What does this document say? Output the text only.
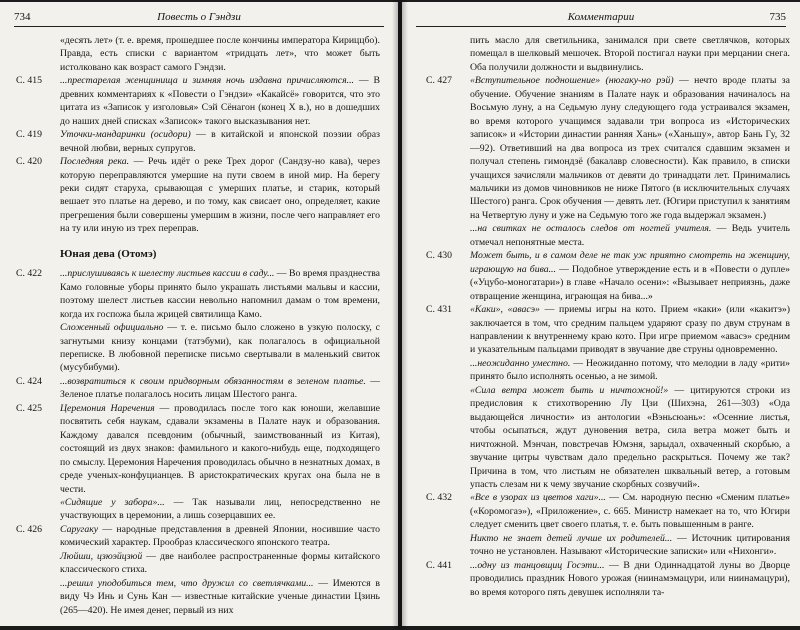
734	Повесть о Гэндзи
«десять лет» (т. е. время, прошедшее после кончины императора Кириццбо). Правда, есть списки с вариантом «тридцать лет», что может быть истолковано как возраст самого Гэндзи.
С. 415 ...престарелая женщинища и зимняя ночь издавна причисляются... — В древних комментариях к «Повести о Гэндзи» «Какайсё» говорится, что это цитата из «Записок у изголовья» Сэй Сёнагон (конец X в.), но в дошедших до наших дней списках «Записок» такого высказывания нет.
С. 419 Уточки-мандаринки (осидори) — в китайской и японской поэзии образ вечной любви, верных супругов.
С. 420 Последняя река. — Речь идёт о реке Трех дорог (Сандзу-но кава), через которую переправляются умершие на пути своем в иной мир. На берегу реки сидят старуха, срывающая с умерших платье, и старик, который вешает это платье на дерево, и по тому, как свисает оно, определяет, какие прегрешения были совершены умершим в жизни, после чего направляет его на ту или иную из трех переправ.
Юная дева (Отомэ)
С. 422 ...прислушиваясь к шелесту листьев кассии в саду... — Во время празднества Камо головные уборы принято было украшать листьями мальвы и кассии, поэтому шелест листьев кассии невольно напомнил дамам о том времени, когда их госпожа была жрицей святилища Камо.
Сложенный официально — т. е. письмо было сложено в узкую полоску, с загнутыми книзу концами (татэбуми), как полагалось в официальной переписке. В любовной переписке письмо свертывали в маленький свиток (мусубибуми).
С. 424 ...возвратиться к своим придворным обязанностям в зеленом платье. — Зеленое платье полагалось носить лицам Шестого ранга.
С. 425 Церемония Наречения — проводилась после того как юноши, желавшие посвятить себя наукам, сдавали экзамены в Палате наук и образования. Каждому давался псевдоним (обычный, заимствованный из Китая), состоящий из двух знаков: фамильного и какого-нибудь еще, подходящего по смыслу. Церемония Наречения проводилась обычно в незнатных домах, в среде ученых-конфуцианцев. В аристократических кругах она была не в чести.
«Сидящие у забора»... — Так называли лиц, непосредственно не участвующих в церемонии, а лишь созерцавших ее.
С. 426 Саругаку — народные представления в древней Японии, носившие часто комический характер. Прообраз классического японского театра.
Люйши, цзюэйцзюй — две наиболее распространенные формы китайского классического стиха.
...решил уподобиться тем, что дружил со светлячками... — Имеются в виду Чэ Инь и Сунь Кан — известные китайские ученые династии Цзинь (265—420). Не имея денег, первый из них
735
Комментарии
пить масло для светильника, занимался при свете светлячков, которых помещал в шелковый мешочек. Второй постигал науки при мерцании снега. Оба получили должности и выдвинулись.
С. 427 «Вступительное подношение» (нюгаку-но рэй) — нечто вроде платы за обучение. Обучение знаниям в Палате наук и образования начиналось на Восьмую луну, а на Седьмую луну следующего года устраивался экзамен, во время которого учащимся задавали три вопроса из «Исторических записок» и «Истории династии ранняя Хань» («Ханьшу», автор Бань Гу, 32—92). Ответивший на два вопроса из трех считался сдавшим экзамен и получал степень гимондзё (бакалавр словесности). Как правило, в списки учащихся зачисляли мальчиков от девяти до тринадцати лет. Принимались мальчики из домов чиновников не ниже Пятого (в исключительных случаях Шестого) ранга. Срок обучения — девять лет. (Югири приступил к занятиям на Четвертую луну и уже на Седьмую того же года выдержал экзамен.)
...на свитках не осталось следов от ногтей учителя. — Ведь учитель отмечал непонятные места.
С. 430 Может быть, и в самом деле не так уж приятно смотреть на женщину, играющую на бива... — Подобное утверждение есть и в «Повести о дупле» («Уцубо-моногатари») в главе «Начало осени»: «Вызывает неприязнь, даже отвращение женщина, играющая на бива...»
С. 431 «Каки», «авасэ» — приемы игры на кото. Прием «каки» (или «какитэ») заключается в том, что средним пальцем ударяют сразу по двум струнам в направлении к внутреннему краю кото. При игре приемом «авасэ» средним и указательным пальцами приводят в звучание две струны одновременно.
...неожиданно уместно. — Неожиданно потому, что мелодии в ладу «рити» принято было исполнять осенью, а не зимой.
«Сила ветра может быть и ничтожной!» — цитируются строки из предисловия к стихотворению Лу Цзи (Шихэна, 261—303) «Ода выдающейся личности» из антологии «Вэньсюань»: «Осенние листья, чтобы осыпаться, ждут дуновения ветра, сила ветра может быть и ничтожной. Мэнчан, повстречав Юмэня, зарыдал, охваченный скорбью, а звучание цитры чувствам дало предельно раскрыться. Почему же так? Причина в том, что листьям не обязателен шквальный ветер, а готовым упасть слезам ни к чему звучание скорбных созвучий».
С. 432 «Все в узорах из цветов хаги»... — См. народную песню «Сменим платье» («Коромогаэ»), «Приложение», с. 665. Министр намекает на то, что Югири следует сменить цвет своего платья, т. е. быть повышенным в ранге.
Никто не знает детей лучше их родителей... — Источник цитирования точно не установлен. Называют «Исторические записки» или «Нихонги».
С. 441 ...одну из танцовщиц Госэти... — В дни Одиннадцатой луны во Дворце проводились праздник Нового урожая (ниинамэмацури, или ниинамацури), во время которого пять девушек исполняли та-
